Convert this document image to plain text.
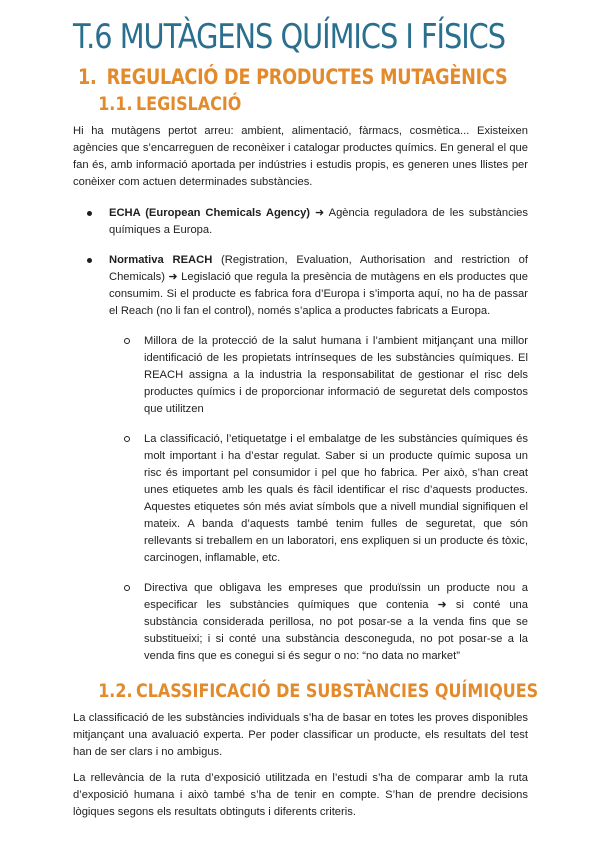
T.6 MUTÀGENS QUÍMICS I FÍSICS
1. REGULACIÓ DE PRODUCTES MUTAGÈNICS
1.1. LEGISLACIÓ

Hi ha mutàgens pertot arreu: ambient, alimentació, fàrmacs, cosmètica... Existeixen agències que s’encarreguen de reconèixer i catalogar productes químics. En general el que fan és, amb informació aportada per indústries i estudis propis, es generen unes llistes per conèixer com actuen determinades substàncies.

ECHA (European Chemicals Agency) ➜ Agència reguladora de les substàncies químiques a Europa.
Normativa REACH (Registration, Evaluation, Authorisation and restriction of Chemicals) ➜ Legislació que regula la presència de mutàgens en els productes que consumim. Si el producte es fabrica fora d’Europa i s’importa aquí, no ha de passar el Reach (no li fan el control), només s’aplica a productes fabricats a Europa.
Millora de la protecció de la salut humana i l’ambient mitjançant una millor identificació de les propietats intrínseques de les substàncies químiques. El REACH assigna a la industria la responsabilitat de gestionar el risc dels productes químics i de proporcionar informació de seguretat dels compostos que utilitzen
La classificació, l’etiquetatge i el embalatge de les substàncies químiques és molt important i ha d’estar regulat. Saber si un producte químic suposa un risc és important pel consumidor i pel que ho fabrica. Per això, s’han creat unes etiquetes amb les quals és fàcil identificar el risc d’aquests productes. Aquestes etiquetes són més aviat símbols que a nivell mundial signifiquen el mateix. A banda d’aquests també tenim fulles de seguretat, que són rellevants si treballem en un laboratori, ens expliquen si un producte és tòxic, carcinogen, inflamable, etc.
Directiva que obligava les empreses que produïssin un producte nou a especificar les substàncies químiques que contenia ➜ si conté una substància considerada perillosa, no pot posar-se a la venda fins que se substitueixi; i si conté una substància desconeguda, no pot posar-se a la venda fins que es conegui si és segur o no: “no data no market”
1.2. CLASSIFICACIÓ DE SUBSTÀNCIES QUÍMIQUES

La classificació de les substàncies individuals s’ha de basar en totes les proves disponibles mitjançant una avaluació experta. Per poder classificar un producte, els resultats del test han de ser clars i no ambigus.

La rellevància de la ruta d’exposició utilitzada en l’estudi s’ha de comparar amb la ruta d’exposició humana i això també s’ha de tenir en compte. S’han de prendre decisions lògiques segons els resultats obtinguts i diferents criteris.
